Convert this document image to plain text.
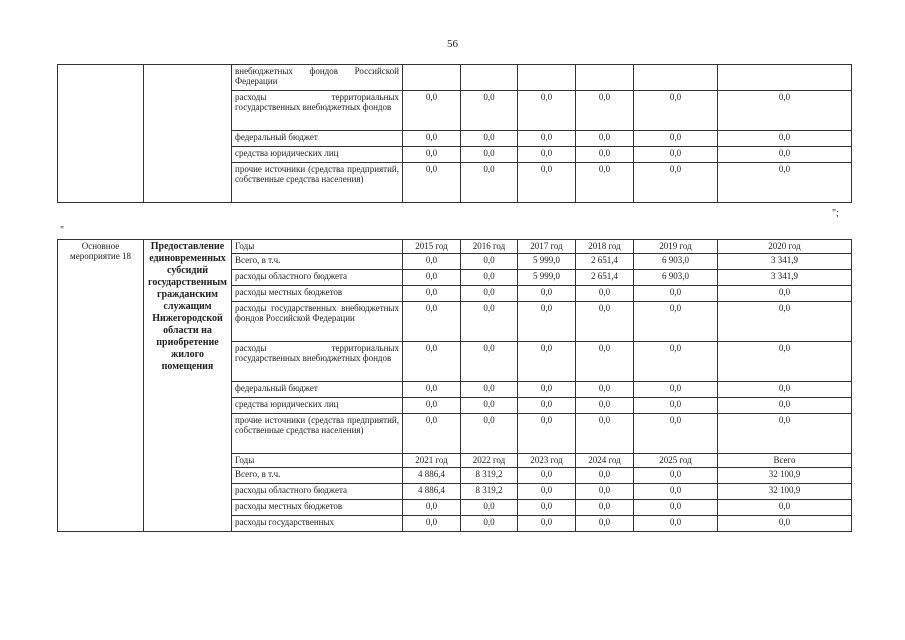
56
		внебюджетных фондов Российской Федерации						
		расходы территориальных государственных внебюджетных фондов	0,0	0,0	0,0	0,0	0,0	0,0
		федеральный бюджет	0,0	0,0	0,0	0,0	0,0	0,0
		средства юридических лиц	0,0	0,0	0,0	0,0	0,0	0,0
		прочие источники (средства предприятий, собственные средства населения)	0,0	0,0	0,0	0,0	0,0	0,0
";
"
Основное мероприятие 18	Предоставление единовременных субсидий государственным гражданским служащим Нижегородской области на приобретение жилого помещения	Годы	2015 год	2016 год	2017 год	2018 год	2019 год	2020 год
		Всего, в т.ч.	0,0	0,0	5 999,0	2 651,4	6 903,0	3 341,9
		расходы областного бюджета	0,0	0,0	5 999,0	2 651,4	6 903,0	3 341,9
		расходы местных бюджетов	0,0	0,0	0,0	0,0	0,0	0,0
		расходы государственных внебюджетных фондов Российской Федерации	0,0	0,0	0,0	0,0	0,0	0,0
		расходы территориальных государственных внебюджетных фондов	0,0	0,0	0,0	0,0	0,0	0,0
		федеральный бюджет	0,0	0,0	0,0	0,0	0,0	0,0
		средства юридических лиц	0,0	0,0	0,0	0,0	0,0	0,0
		прочие источники (средства предприятий, собственные средства населения)	0,0	0,0	0,0	0,0	0,0	0,0
		Годы	2021 год	2022 год	2023 год	2024 год	2025 год	Всего
		Всего, в т.ч.	4 886,4	8 319,2	0,0	0,0	0,0	32 100,9
		расходы областного бюджета	4 886,4	8 319,2	0,0	0,0	0,0	32 100,9
		расходы местных бюджетов	0,0	0,0	0,0	0,0	0,0	0,0
		расходы государственных	0,0	0,0	0,0	0,0	0,0	0,0
